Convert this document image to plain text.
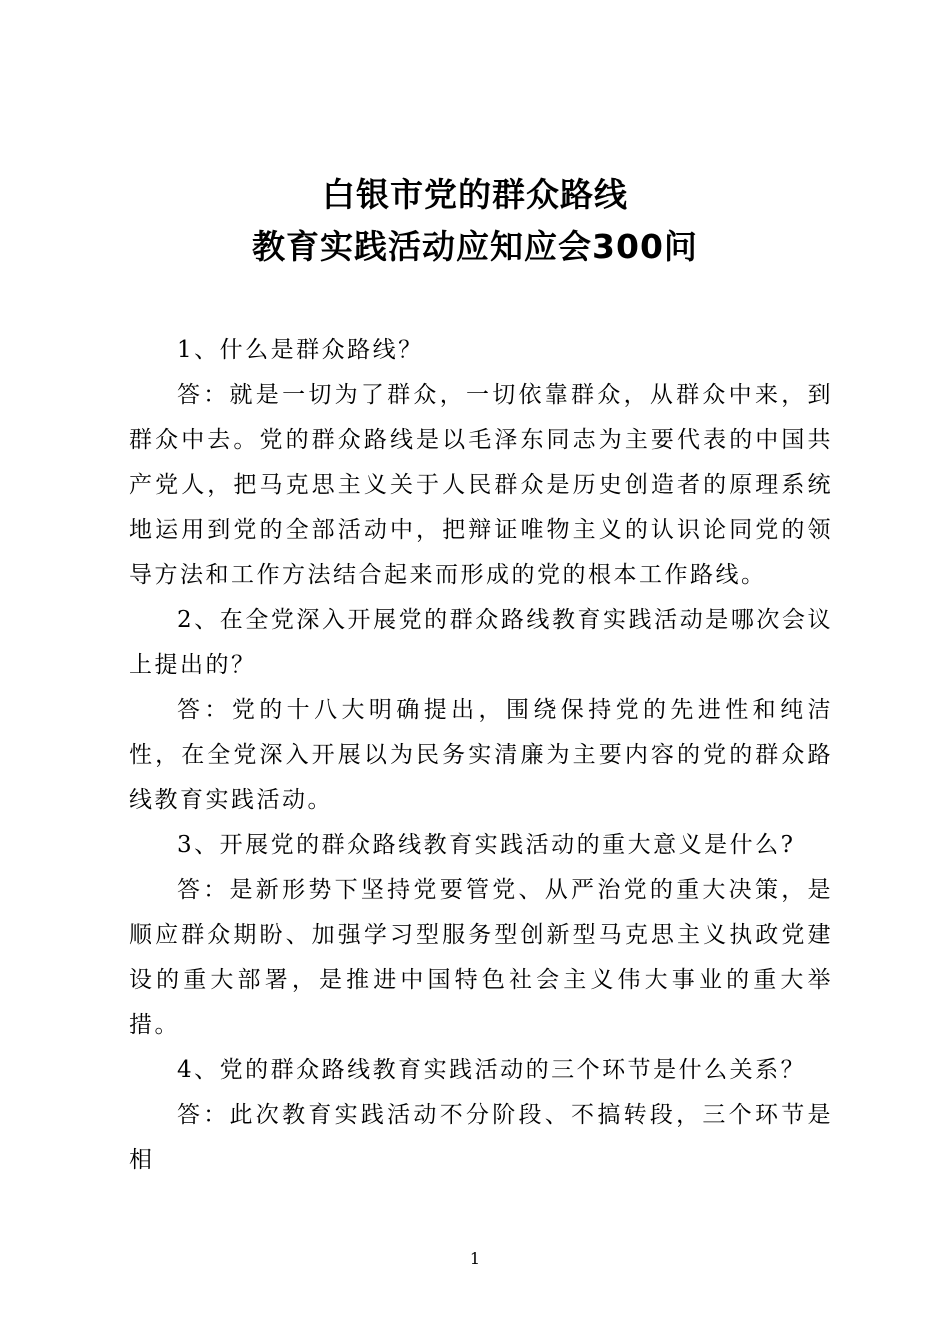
白银市党的群众路线
教育实践活动应知应会300问

1、什么是群众路线？

答：就是一切为了群众，一切依靠群众，从群众中来，到群众中去。党的群众路线是以毛泽东同志为主要代表的中国共产党人，把马克思主义关于人民群众是历史创造者的原理系统地运用到党的全部活动中，把辩证唯物主义的认识论同党的领导方法和工作方法结合起来而形成的党的根本工作路线。

2、在全党深入开展党的群众路线教育实践活动是哪次会议上提出的？

答：党的十八大明确提出，围绕保持党的先进性和纯洁性，在全党深入开展以为民务实清廉为主要内容的党的群众路线教育实践活动。

3、开展党的群众路线教育实践活动的重大意义是什么?

答：是新形势下坚持党要管党、从严治党的重大决策，是顺应群众期盼、加强学习型服务型创新型马克思主义执政党建设的重大部署，是推进中国特色社会主义伟大事业的重大举措。

4、党的群众路线教育实践活动的三个环节是什么关系？

答：此次教育实践活动不分阶段、不搞转段，三个环节是相

1
